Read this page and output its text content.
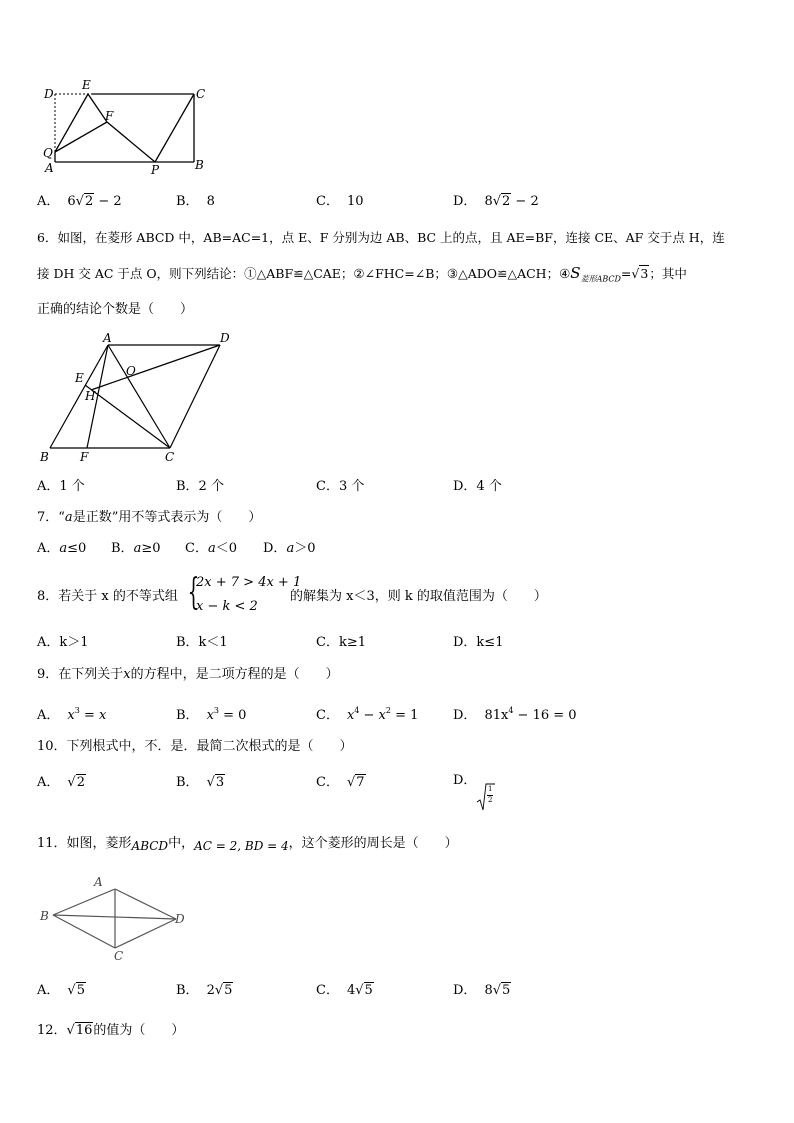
D
E
C
F
Q
A	P	B
A． 6√2 − 2	B． 8	C． 10	D． 8√2 − 2
6．如图，在菱形 ABCD 中，AB=AC=1，点 E、F 分别为边 AB、BC 上的点，且 AE=BF，连接 CE、AF 交于点 H，连
接 DH 交 AC 于点 O，则下列结论：①△ABF≌△CAE；②∠FHC=∠B；③△ADO≌△ACH；$④S_{菱形ABCD}=√3$；其中
正确的结论个数是（　　）
A	D
E	O
H
B	F	C
A．1 个	B．2 个	C．3 个	D．4 个
7．“a是正数”用不等式表示为（　　）
A．a≤0 B．a≥0 C．a＜0 D．a＞0
8．若关于 x 的不等式组 {
2x + 7 > 4x + 1
x − k < 2
的解集为 x＜3，则 k 的取值范围为（　　）
A．k＞1	B．k＜1	C．k≥1	D．k≤1
9．在下列关于x的方程中，是二项方程的是（　　）
A． $x^3 = x$	B． $x^3 = 0$	C． $x^4 - x^2 = 1$	D． $81x^4 - 16 = 0$
10．下列根式中，不．是．最简二次根式的是（　　）
A． √2	B． √3	C． √7	D．
1
2
11．如图，菱形ABCD中，AC = 2, BD = 4，这个菱形的周长是（　　）
A
B	D
C
A． √5	B． 2√5	C． 4√5	D． 8√5
12．√16的值为（　　）
